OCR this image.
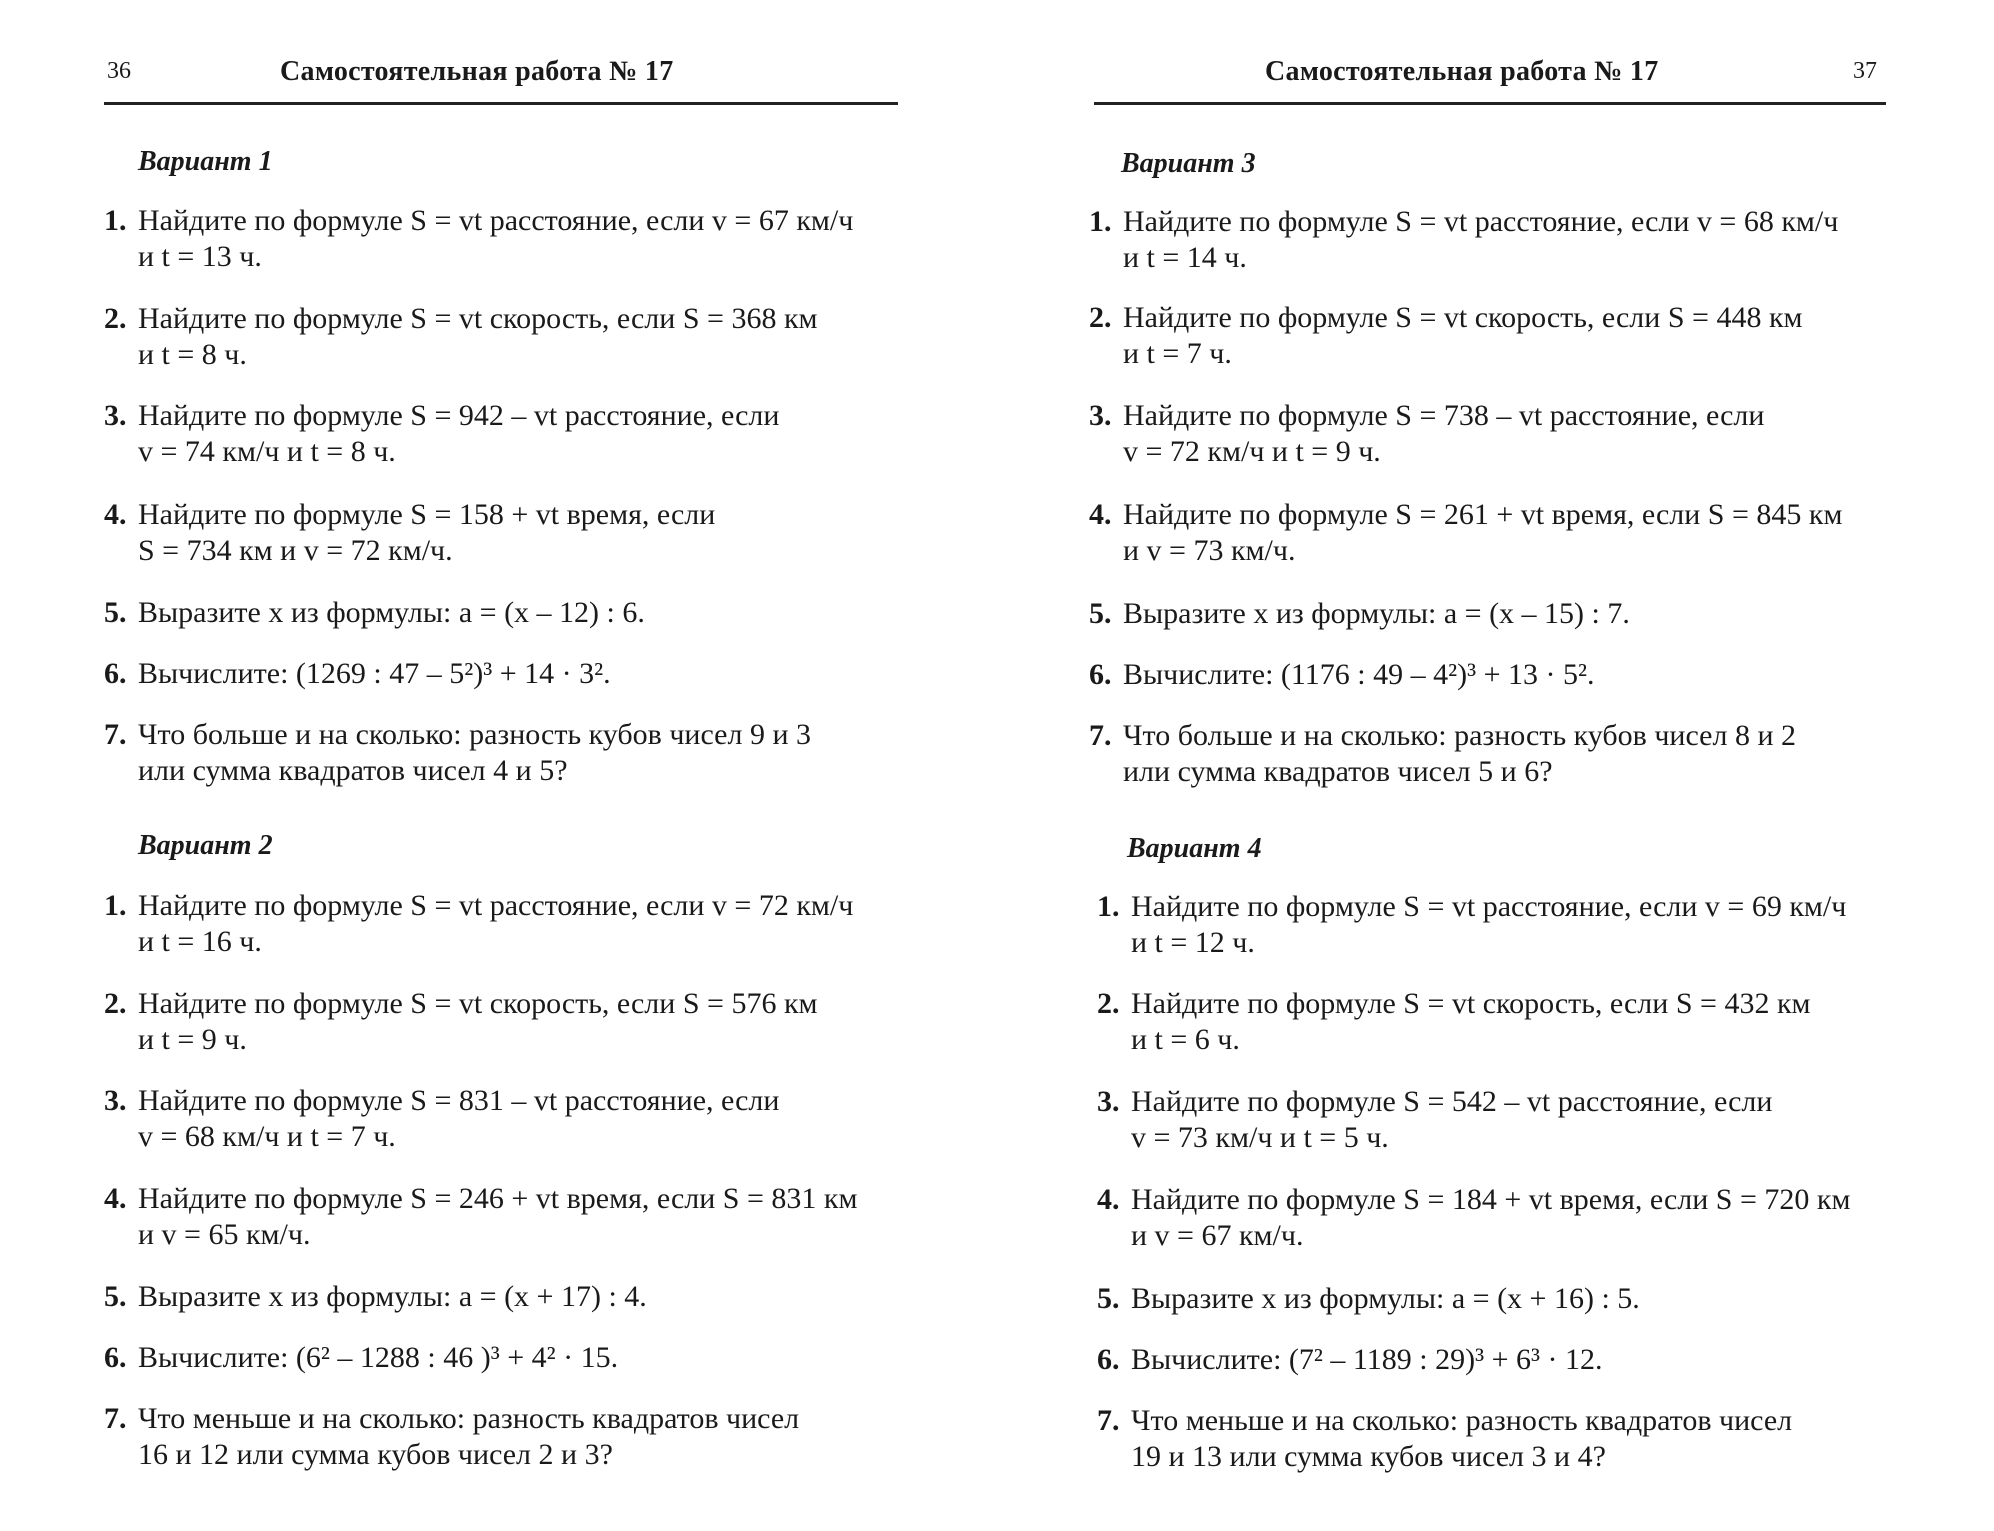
36	Самостоятельная работа № 17
Вариант 1
1. Найдите по формуле S = vt расстояние, если v = 67 км/ч
и t = 13 ч.
2. Найдите по формуле S = vt скорость, если S = 368 км
и t = 8 ч.
3. Найдите по формуле S = 942 – vt расстояние, если
v = 74 км/ч и t = 8 ч.
4. Найдите по формуле S = 158 + vt время, если
S = 734 км и v = 72 км/ч.
5. Выразите x из формулы: a = (x – 12) : 6.
6. Вычислите: (1269 : 47 – 5²)³ + 14 · 3².
7. Что больше и на сколько: разность кубов чисел 9 и 3
или сумма квадратов чисел 4 и 5?
Вариант 2
1. Найдите по формуле S = vt расстояние, если v = 72 км/ч
и t = 16 ч.
2. Найдите по формуле S = vt скорость, если S = 576 км
и t = 9 ч.
3. Найдите по формуле S = 831 – vt расстояние, если
v = 68 км/ч и t = 7 ч.
4. Найдите по формуле S = 246 + vt время, если S = 831 км
и v = 65 км/ч.
5. Выразите x из формулы: a = (x + 17) : 4.
6. Вычислите: (6² – 1288 : 46 )³ + 4² · 15.
7. Что меньше и на сколько: разность квадратов чисел
16 и 12 или сумма кубов чисел 2 и 3?
Самостоятельная работа № 17	37
Вариант 3
1. Найдите по формуле S = vt расстояние, если v = 68 км/ч
и t = 14 ч.
2. Найдите по формуле S = vt скорость, если S = 448 км
и t = 7 ч.
3. Найдите по формуле S = 738 – vt расстояние, если
v = 72 км/ч и t = 9 ч.
4. Найдите по формуле S = 261 + vt время, если S = 845 км
и v = 73 км/ч.
5. Выразите x из формулы: a = (x – 15) : 7.
6. Вычислите: (1176 : 49 – 4²)³ + 13 · 5².
7. Что больше и на сколько: разность кубов чисел 8 и 2
или сумма квадратов чисел 5 и 6?
Вариант 4
1. Найдите по формуле S = vt расстояние, если v = 69 км/ч
и t = 12 ч.
2. Найдите по формуле S = vt скорость, если S = 432 км
и t = 6 ч.
3. Найдите по формуле S = 542 – vt расстояние, если
v = 73 км/ч и t = 5 ч.
4. Найдите по формуле S = 184 + vt время, если S = 720 км
и v = 67 км/ч.
5. Выразите x из формулы: a = (x + 16) : 5.
6. Вычислите: (7² – 1189 : 29)³ + 6³ · 12.
7. Что меньше и на сколько: разность квадратов чисел
19 и 13 или сумма кубов чисел 3 и 4?
